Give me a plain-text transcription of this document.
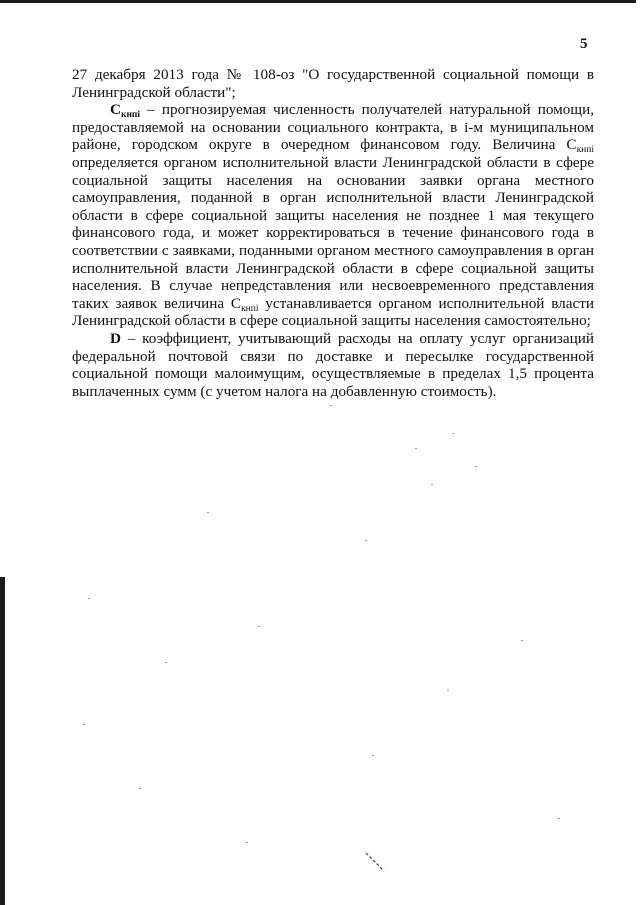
5

27 декабря 2013 года № 108-оз "О государственной социальной помощи в Ленинградской области";

$C_{кнпi}$ – прогнозируемая численность получателей натуральной помощи, предоставляемой на основании социального контракта, в i-м муниципальном районе, городском округе в очередном финансовом году. Величина $C_{кнпi}$ определяется органом исполнительной власти Ленинградской области в сфере социальной защиты населения на основании заявки органа местного самоуправления, поданной в орган исполнительной власти Ленинградской области в сфере социальной защиты населения не позднее 1 мая текущего финансового года, и может корректироваться в течение финансового года в соответствии с заявками, поданными органом местного самоуправления в орган исполнительной власти Ленинградской области в сфере социальной защиты населения. В случае непредставления или несвоевременного представления таких заявок величина $C_{кнпi}$ устанавливается органом исполнительной власти Ленинградской области в сфере социальной защиты населения самостоятельно;

D – коэффициент, учитывающий расходы на оплату услуг организаций федеральной почтовой связи по доставке и пересылке государственной социальной помощи малоимущим, осуществляемые в пределах 1,5 процента выплаченных сумм (с учетом налога на добавленную стоимость).
